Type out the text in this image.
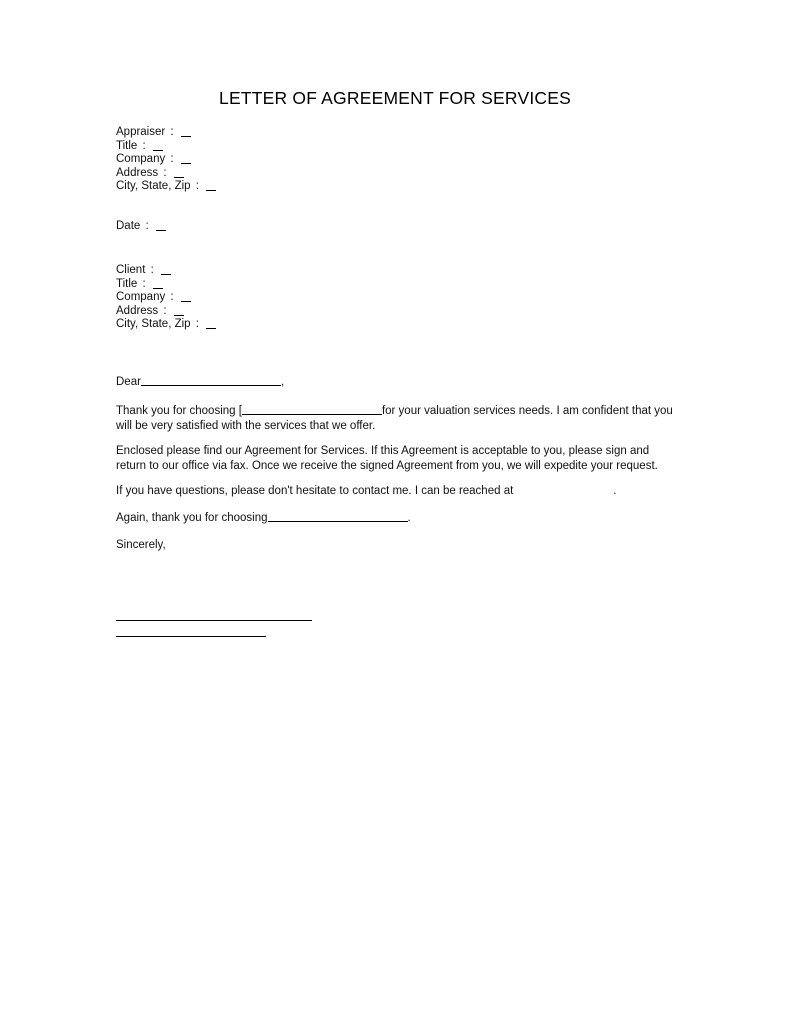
LETTER OF AGREEMENT FOR SERVICES
Appraiser :
Title :
Company :
Address :
City, State, Zip :
Date :
Client :
Title :
Company :
Address :
City, State, Zip :
Dear	,
Thank you for choosing [	for your valuation services needs. I am confident that you will be very satisfied with the services that we offer.
Enclosed please find our Agreement for Services. If this Agreement is acceptable to you, please sign and return to our office via fax. Once we receive the signed Agreement from you, we will expedite your request.
If you have questions, please don't hesitate to contact me. I can be reached at	.
Again, thank you for choosing	.
Sincerely,
